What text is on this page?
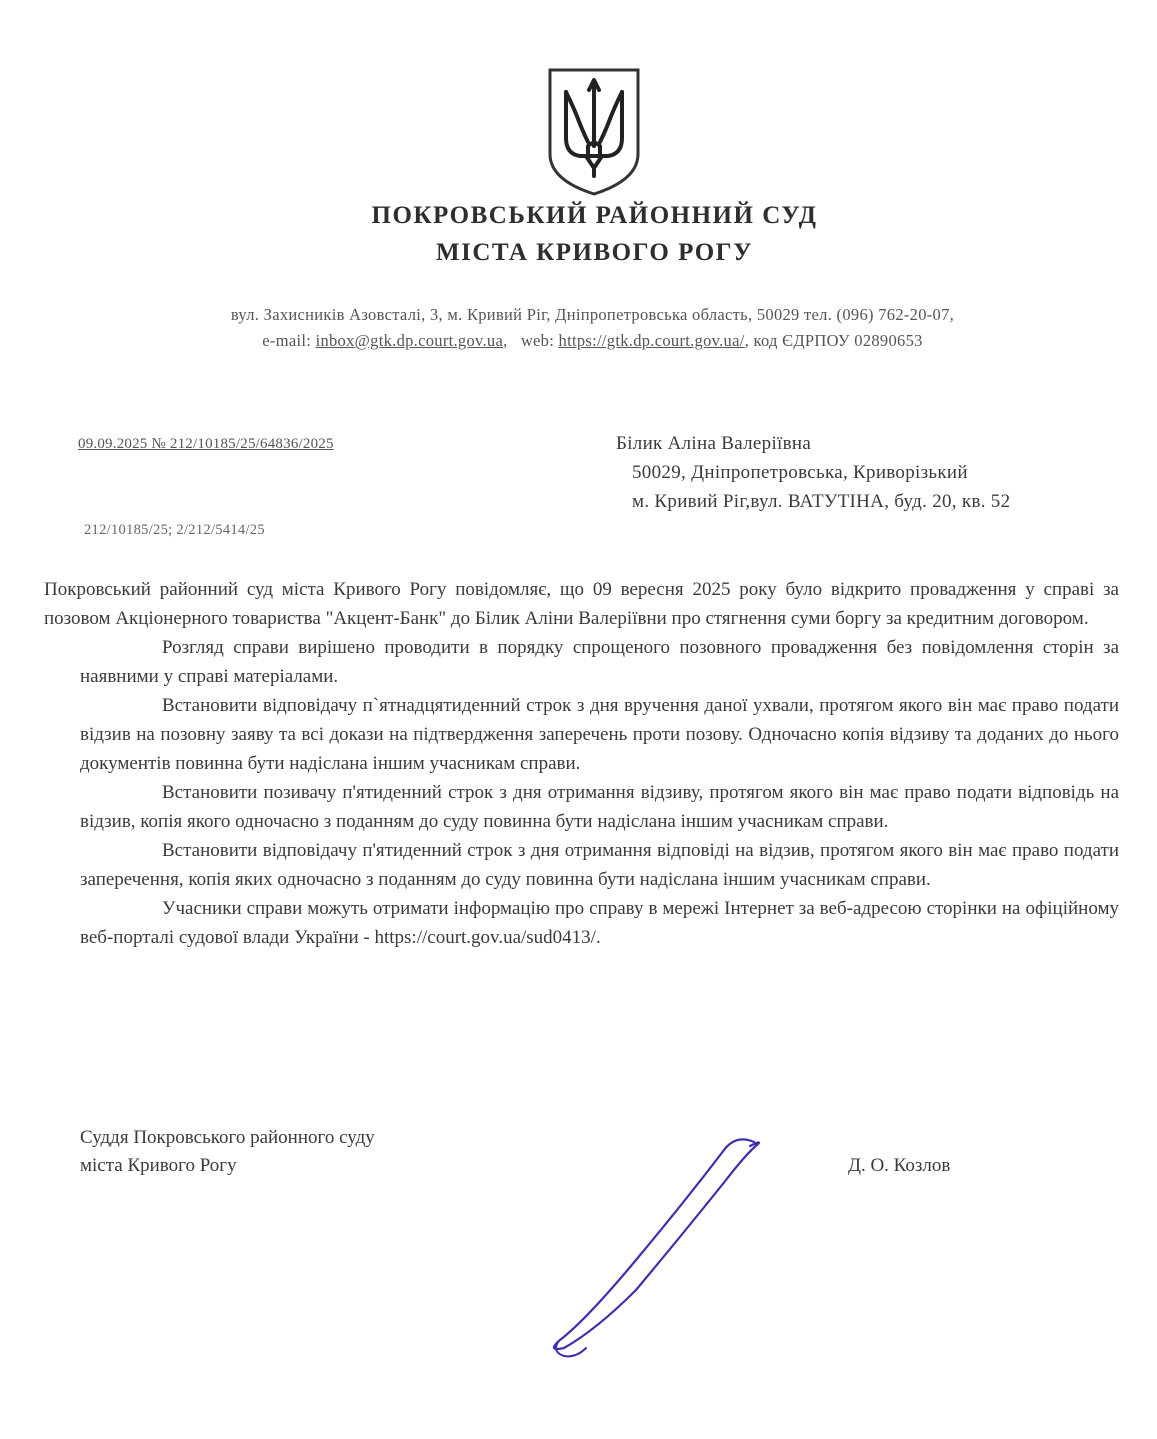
ПОКРОВСЬКИЙ РАЙОННИЙ СУД
МІСТА КРИВОГО РОГУ
вул. Захисників Азовсталі, 3, м. Кривий Ріг, Дніпропетровська область, 50029 тел. (096) 762-20-07,
e-mail: inbox@gtk.dp.court.gov.ua,   web: https://gtk.dp.court.gov.ua/, код ЄДРПОУ 02890653
09.09.2025 № 212/10185/25/64836/2025
212/10185/25; 2/212/5414/25
Білик Аліна Валеріївна
50029, Дніпропетровська, Криворізький
м. Кривий Ріг,вул. ВАТУТІНА, буд. 20, кв. 52

Покровський районний суд міста Кривого Рогу повідомляє, що 09 вересня 2025 року було відкрито провадження у справі за позовом Акціонерного товариства "Акцент-Банк" до Білик Аліни Валеріївни про стягнення суми боргу за кредитним договором.

Розгляд справи вирішено проводити в порядку спрощеного позовного провадження без повідомлення сторін за наявними у справі матеріалами.

Встановити відповідачу п`ятнадцятиденний строк з дня вручення даної ухвали, протягом якого він має право подати відзив на позовну заяву та всі докази на підтвердження заперечень проти позову. Одночасно копія відзиву та доданих до нього документів повинна бути надіслана іншим учасникам справи.

Встановити позивачу п'ятиденний строк з дня отримання відзиву, протягом якого він має право подати відповідь на відзив, копія якого одночасно з поданням до суду повинна бути надіслана іншим учасникам справи.

Встановити відповідачу п'ятиденний строк з дня отримання відповіді на відзив, протягом якого він має право подати заперечення, копія яких одночасно з поданням до суду повинна бути надіслана іншим учасникам справи.

Учасники справи можуть отримати інформацію про справу в мережі Інтернет за веб-адресою сторінки на офіційному веб-порталі судової влади України - https://court.gov.ua/sud0413/.

Суддя Покровського районного суду
міста Кривого Рогу	Д. О. Козлов
